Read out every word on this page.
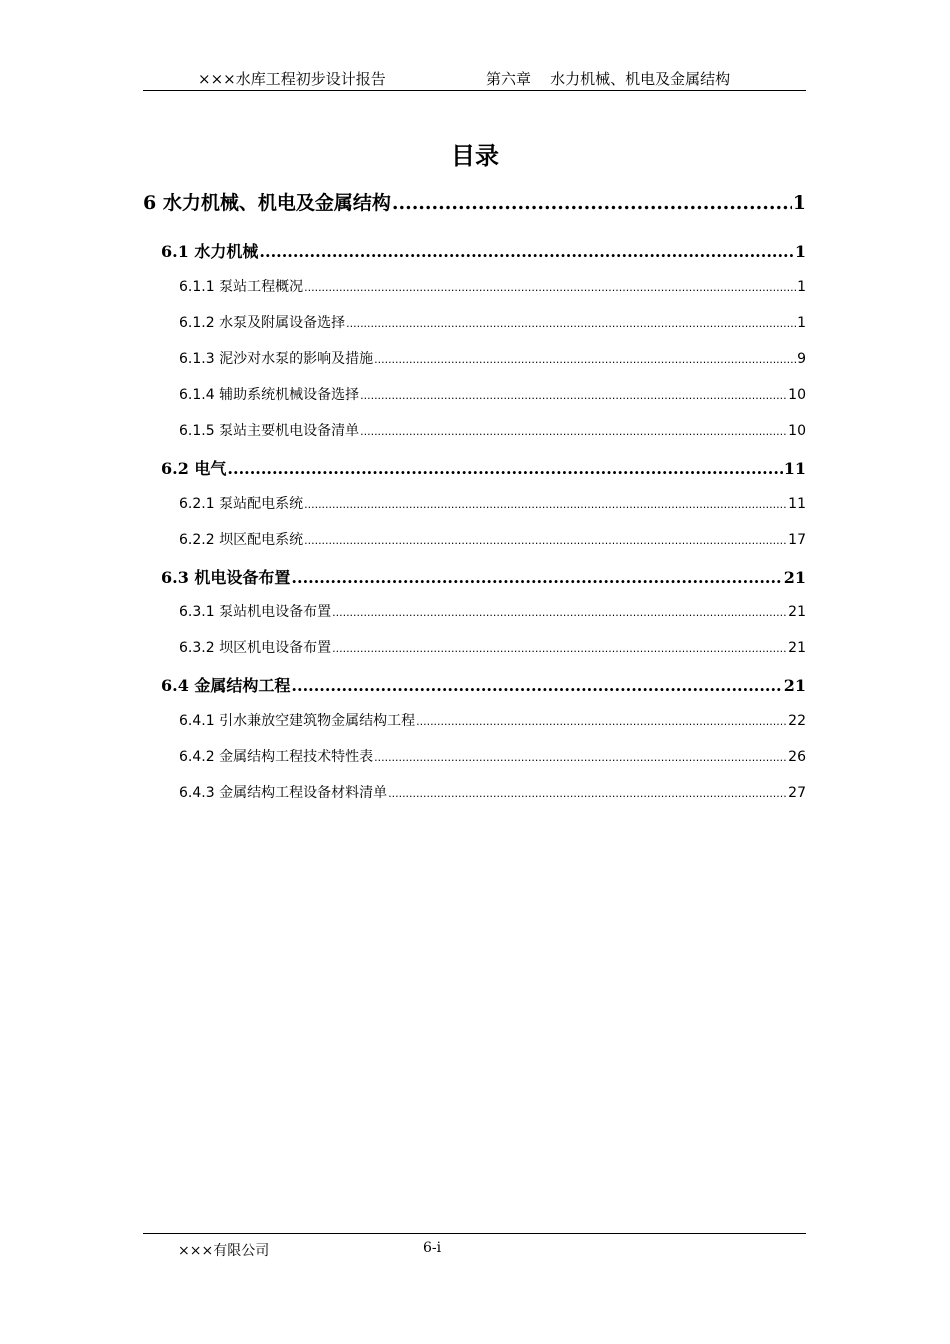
×××水库工程初步设计报告	第六章    水力机械、机电及金属结构
目录
6 水力机械、机电及金属结构 .....	1
6.1 水力机械 .....	1
6.1.1 泵站工程概况 .....	1
6.1.2 水泵及附属设备选择 .....	1
6.1.3 泥沙对水泵的影响及措施 .....	9
6.1.4 辅助系统机械设备选择 .....	10
6.1.5 泵站主要机电设备清单 .....	10
6.2 电气 .....	11
6.2.1 泵站配电系统 .....	11
6.2.2 坝区配电系统 .....	17
6.3 机电设备布置 .....	21
6.3.1 泵站机电设备布置 .....	21
6.3.2 坝区机电设备布置 .....	21
6.4 金属结构工程 .....	21
6.4.1 引水兼放空建筑物金属结构工程 .....	22
6.4.2 金属结构工程技术特性表 .....	26
6.4.3 金属结构工程设备材料清单 .....	27
×××有限公司	6-i
